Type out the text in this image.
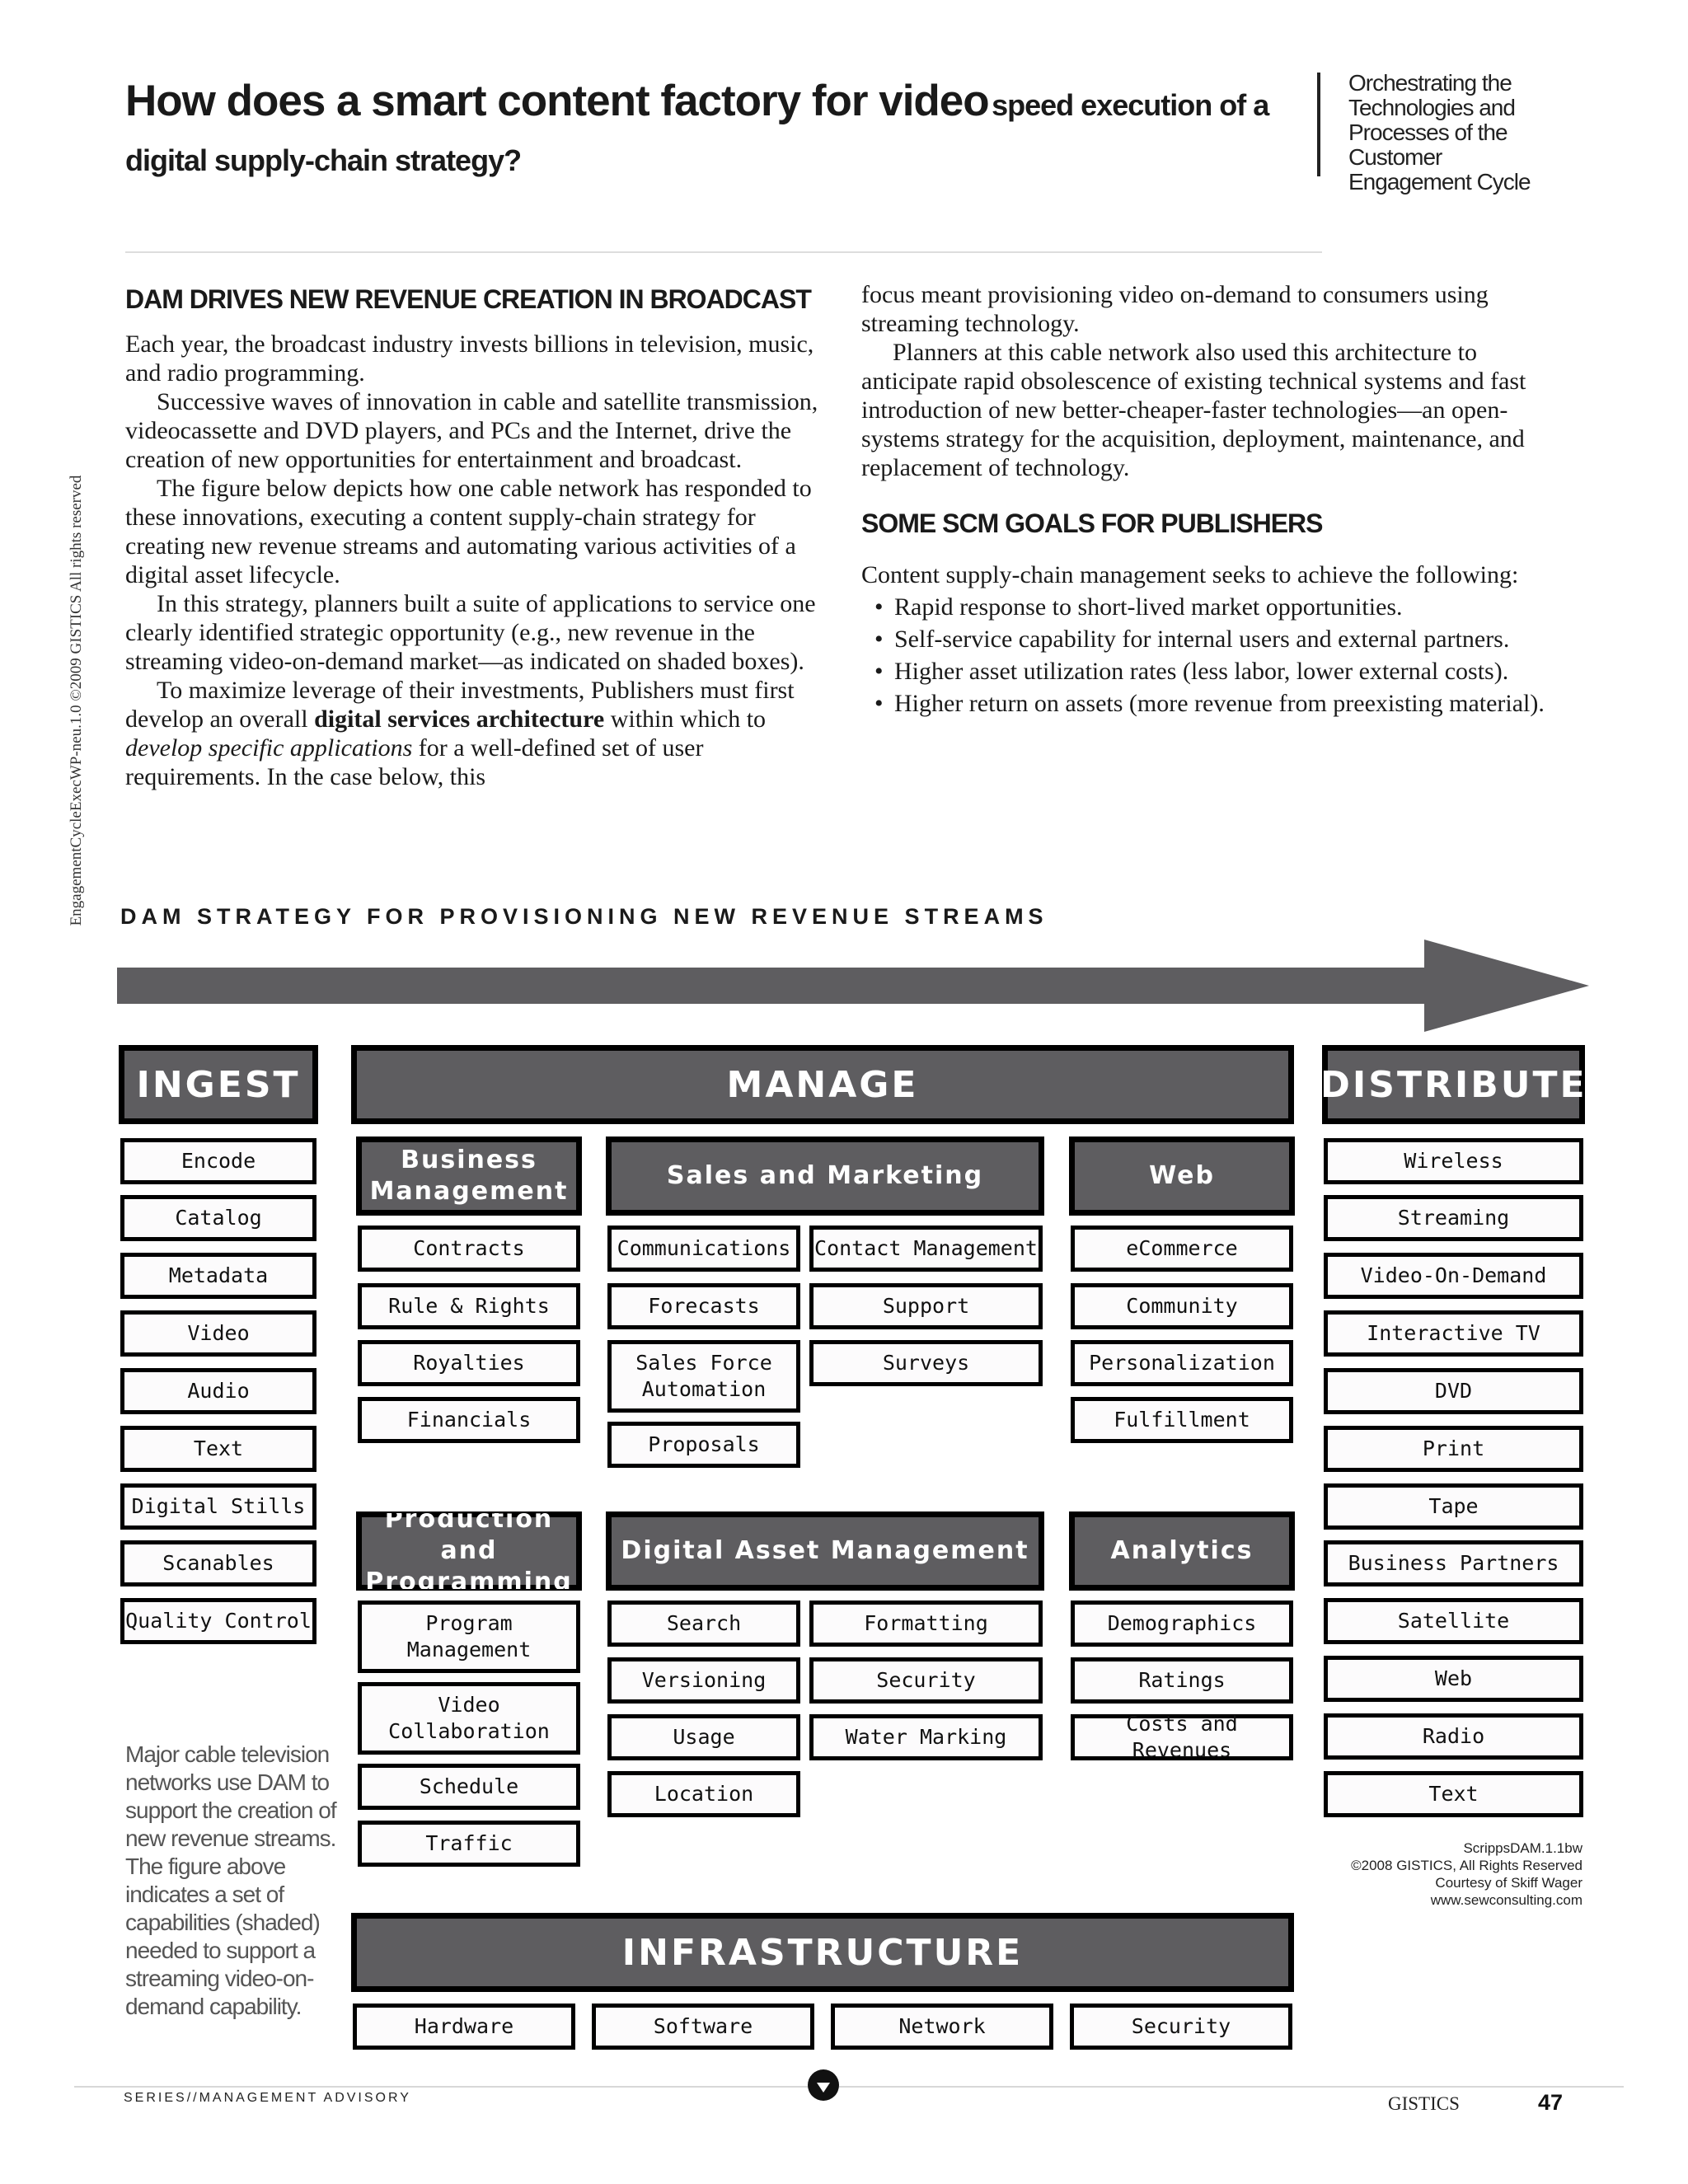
EngagementCycleExecWP-neu.1.0 ©2009 GISTICS All rights reserved
How does a smart content factory for video speed execution of a
digital supply-chain strategy?
Orchestrating the Technologies and Processes of the Customer Engagement Cycle
DAM DRIVES NEW REVENUE CREATION IN BROADCAST

Each year, the broadcast industry invests billions in television, music, and radio programming.

Successive waves of innovation in cable and satellite transmission, videocassette and DVD players, and PCs and the Internet, drive the creation of new opportunities for entertainment and broadcast.

The figure below depicts how one cable network has responded to these innovations, executing a content supply-chain strategy for creating new revenue streams and automating various activities of a digital asset lifecycle.

In this strategy, planners built a suite of applications to service one clearly identified strategic opportunity (e.g., new revenue in the streaming video-on-demand market—as indicated on shaded boxes).

To maximize leverage of their investments, Publishers must first develop an overall digital services architecture within which to develop specific applications for a well-defined set of user requirements. In the case below, this

focus meant provisioning video on-demand to consumers using streaming technology.

Planners at this cable network also used this architecture to anticipate rapid obsolescence of existing technical systems and fast introduction of new better-cheaper-faster technologies—an open-systems strategy for the acquisition, deployment, maintenance, and replacement of technology.

SOME SCM GOALS FOR PUBLISHERS

Content supply-chain management seeks to achieve the following:

• Rapid response to short-lived market opportunities.
• Self-service capability for internal users and external partners.
• Higher asset utilization rates (less labor, lower external costs).
• Higher return on assets (more revenue from preexisting material).
DAM STRATEGY FOR PROVISIONING NEW REVENUE STREAMS
INGEST
Encode
Catalog
Metadata
Video
Audio
Text
Digital Stills
Scanables
Quality Control
MANAGE
Business Management
Contracts
Rule & Rights
Royalties
Financials
Sales and Marketing
Communications
Forecasts
Sales Force Automation
Proposals
Contact Management
Support
Surveys
Web
eCommerce
Community
Personalization
Fulfillment
Production and Programming
Program Management
Video Collaboration
Schedule
Traffic
Digital Asset Management
Search
Versioning
Usage
Location
Formatting
Security
Water Marking
Analytics
Demographics
Ratings
Costs and Revenues
DISTRIBUTE
Wireless
Streaming
Video-On-Demand
Interactive TV
DVD
Print
Tape
Business Partners
Satellite
Web
Radio
Text
INFRASTRUCTURE
Hardware	Software	Network	Security
Major cable television networks use DAM to support the creation of new revenue streams. The figure above indicates a set of capabilities (shaded) needed to support a streaming video-on-demand capability.
ScrippsDAM.1.1bw
©2008 GISTICS, All Rights Reserved
Courtesy of Skiff Wager
www.sewconsulting.com
SERIES//MANAGEMENT ADVISORY	GISTICS	47
